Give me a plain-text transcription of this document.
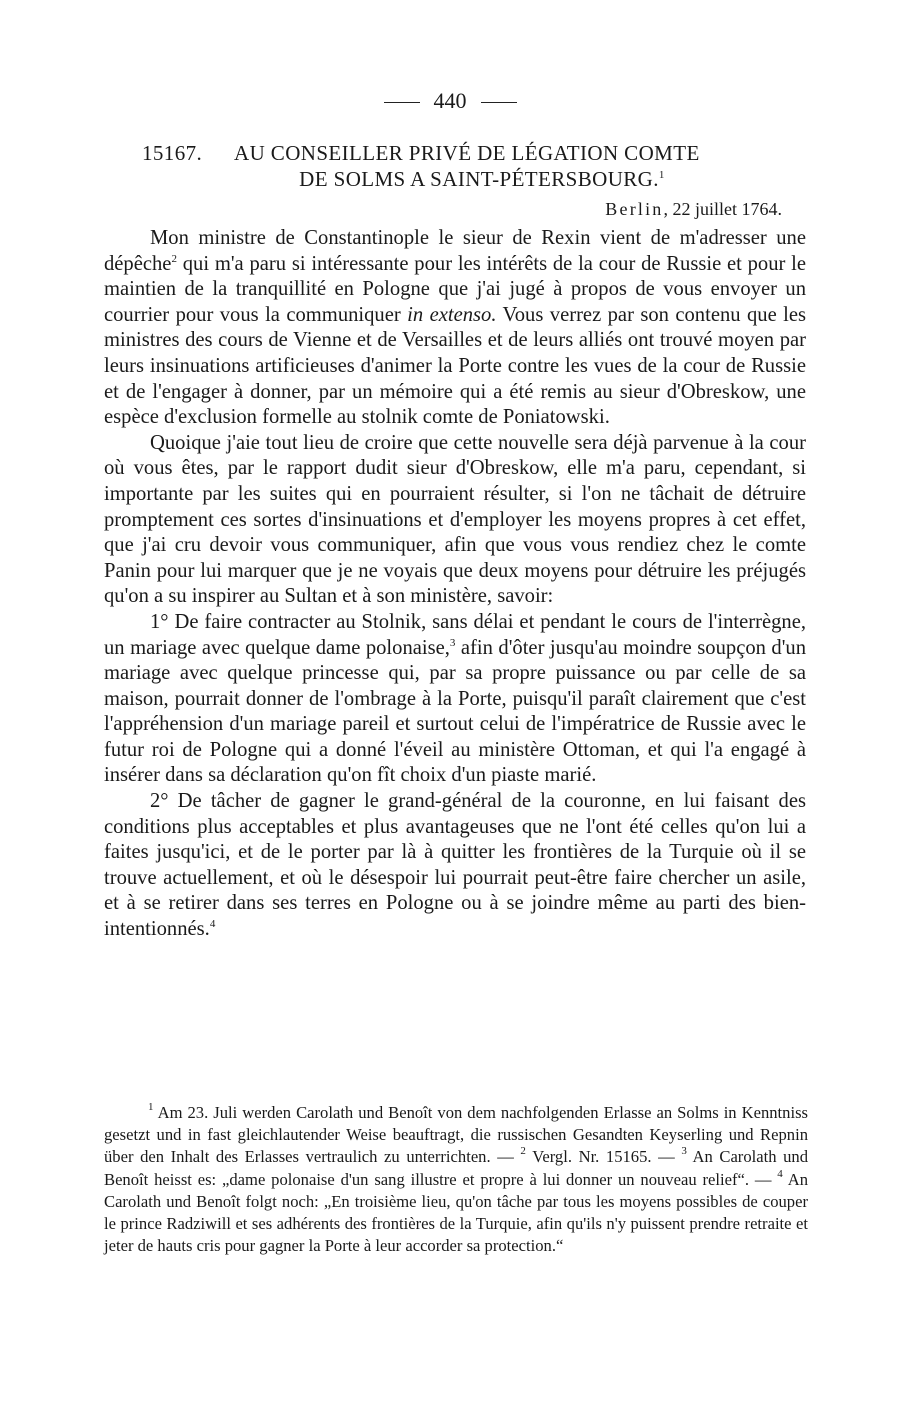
440
15167. AU CONSEILLER PRIVÉ DE LÉGATION COMTE
DE SOLMS A SAINT-PÉTERSBOURG.$^1$
Berlin, 22 juillet 1764.

Mon ministre de Constantinople le sieur de Rexin vient de m'adresser une dépêche$^2$ qui m'a paru si intéressante pour les intérêts de la cour de Russie et pour le maintien de la tranquillité en Pologne que j'ai jugé à propos de vous envoyer un courrier pour vous la communiquer in extenso. Vous verrez par son contenu que les ministres des cours de Vienne et de Versailles et de leurs alliés ont trouvé moyen par leurs insinuations artificieuses d'animer la Porte contre les vues de la cour de Russie et de l'engager à donner, par un mémoire qui a été remis au sieur d'Obreskow, une espèce d'exclusion formelle au stolnik comte de Poniatowski.

Quoique j'aie tout lieu de croire que cette nouvelle sera déjà parvenue à la cour où vous êtes, par le rapport dudit sieur d'Obreskow, elle m'a paru, cependant, si importante par les suites qui en pourraient résulter, si l'on ne tâchait de détruire promptement ces sortes d'insinuations et d'employer les moyens propres à cet effet, que j'ai cru devoir vous communiquer, afin que vous vous rendiez chez le comte Panin pour lui marquer que je ne voyais que deux moyens pour détruire les préjugés qu'on a su inspirer au Sultan et à son ministère, savoir:

1° De faire contracter au Stolnik, sans délai et pendant le cours de l'interrègne, un mariage avec quelque dame polonaise,$^3$ afin d'ôter jusqu'au moindre soupçon d'un mariage avec quelque princesse qui, par sa propre puissance ou par celle de sa maison, pourrait donner de l'ombrage à la Porte, puisqu'il paraît clairement que c'est l'appréhension d'un mariage pareil et surtout celui de l'impératrice de Russie avec le futur roi de Pologne qui a donné l'éveil au ministère Ottoman, et qui l'a engagé à insérer dans sa déclaration qu'on fît choix d'un piaste marié.

2° De tâcher de gagner le grand-général de la couronne, en lui faisant des conditions plus acceptables et plus avantageuses que ne l'ont été celles qu'on lui a faites jusqu'ici, et de le porter par là à quitter les frontières de la Turquie où il se trouve actuellement, et où le désespoir lui pourrait peut-être faire chercher un asile, et à se retirer dans ses terres en Pologne ou à se joindre même au parti des bien-intentionnés.$^4$

$^1$ Am 23. Juli werden Carolath und Benoît von dem nachfolgenden Erlasse an Solms in Kenntniss gesetzt und in fast gleichlautender Weise beauftragt, die russischen Gesandten Keyserling und Repnin über den Inhalt des Erlasses vertraulich zu unterrichten. — $^2$ Vergl. Nr. 15165. — $^3$ An Carolath und Benoît heisst es: „dame polonaise d'un sang illustre et propre à lui donner un nouveau relief“. — $^4$ An Carolath und Benoît folgt noch: „En troisième lieu, qu'on tâche par tous les moyens possibles de couper le prince Radziwill et ses adhérents des frontières de la Turquie, afin qu'ils n'y puissent prendre retraite et jeter de hauts cris pour gagner la Porte à leur accorder sa protection.“
